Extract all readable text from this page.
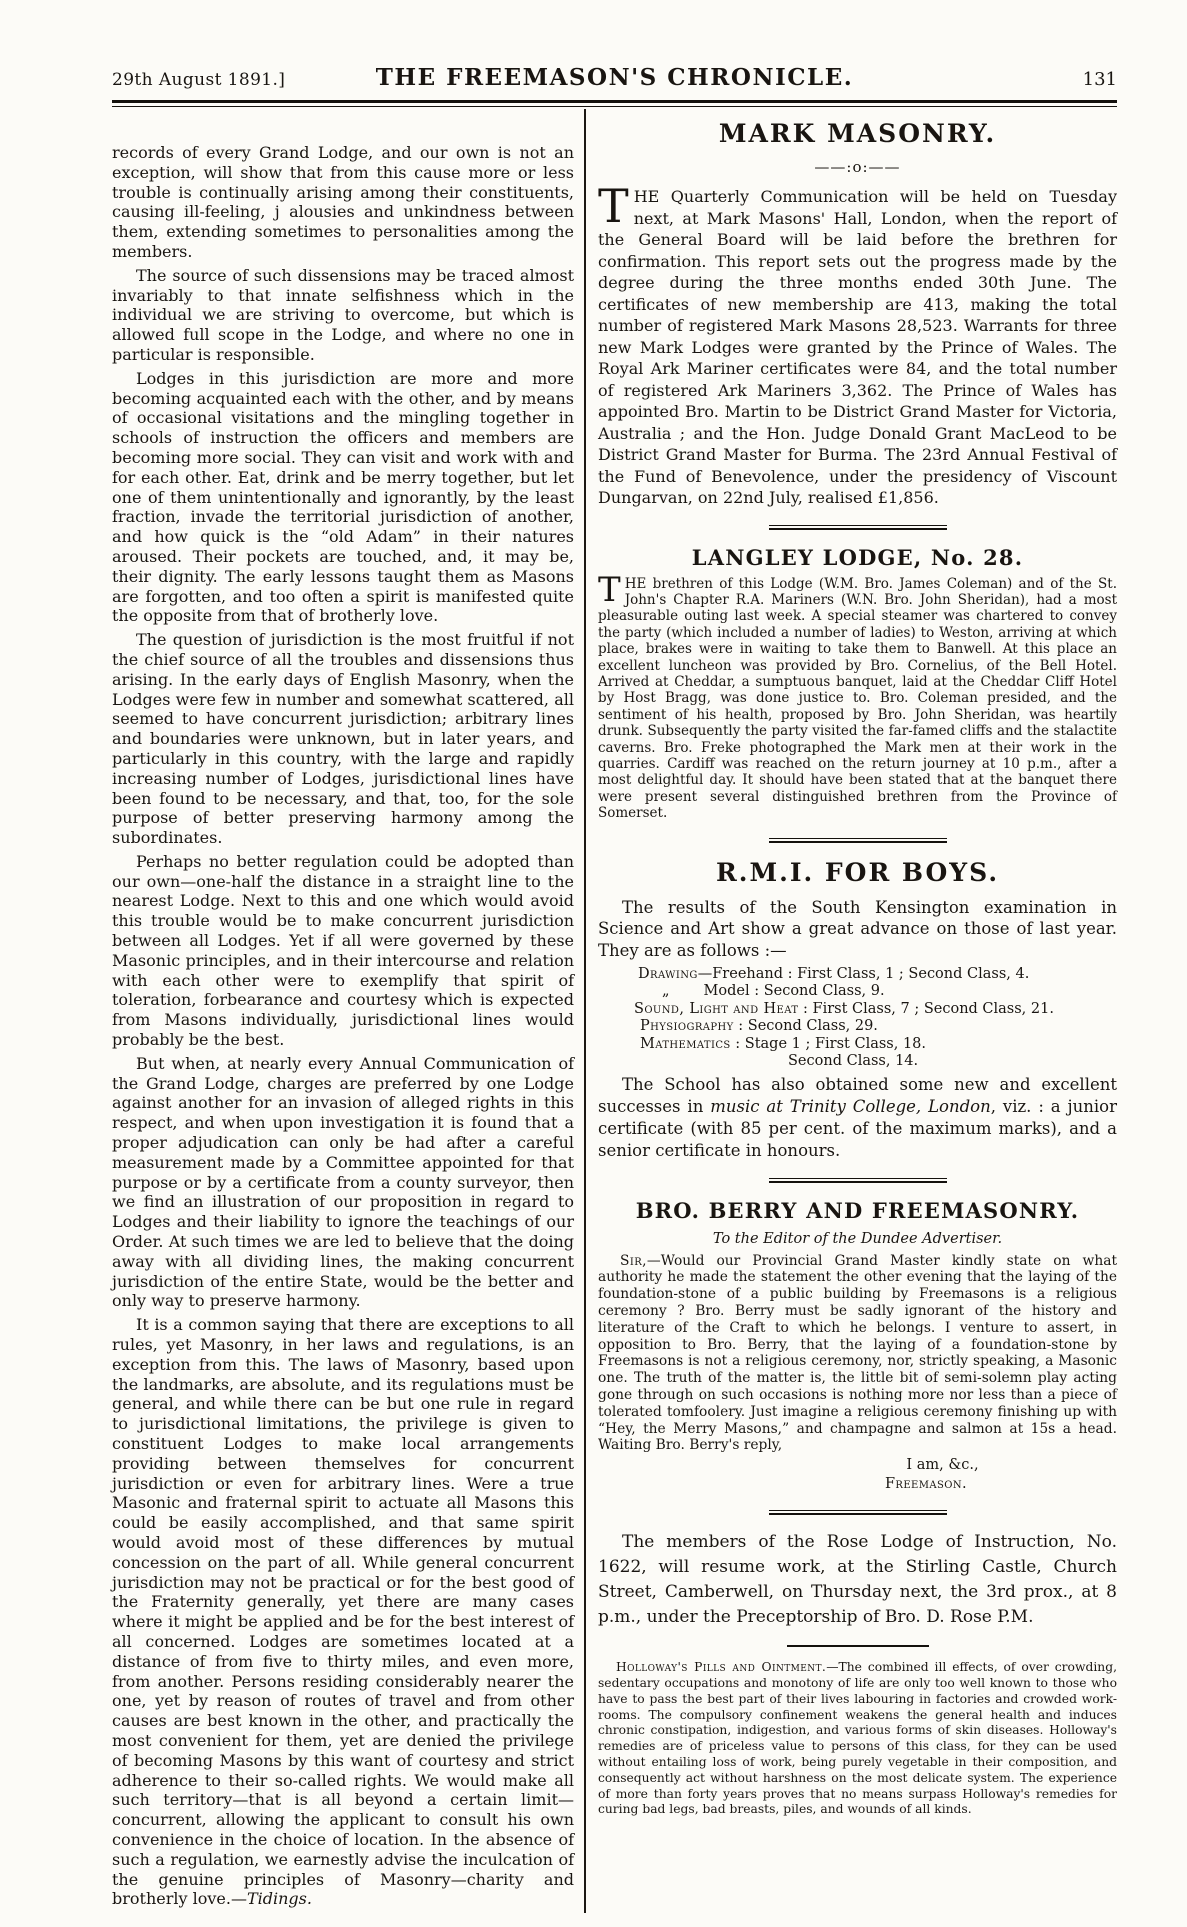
29th August 1891.]	THE FREEMASON'S CHRONICLE.	131

records of every Grand Lodge, and our own is not an exception, will show that from this cause more or less trouble is continually arising among their constituents, causing ill-feeling, j alousies and unkindness between them, extending sometimes to personalities among the members.

The source of such dissensions may be traced almost invariably to that innate selfishness which in the individual we are striving to overcome, but which is allowed full scope in the Lodge, and where no one in particular is responsible.

Lodges in this jurisdiction are more and more becoming acquainted each with the other, and by means of occasional visitations and the mingling together in schools of instruction the officers and members are becoming more social. They can visit and work with and for each other. Eat, drink and be merry together, but let one of them unintentionally and ignorantly, by the least fraction, invade the territorial jurisdiction of another, and how quick is the “old Adam” in their natures aroused. Their pockets are touched, and, it may be, their dignity. The early lessons taught them as Masons are forgotten, and too often a spirit is manifested quite the opposite from that of brotherly love.

The question of jurisdiction is the most fruitful if not the chief source of all the troubles and dissensions thus arising. In the early days of English Masonry, when the Lodges were few in number and somewhat scattered, all seemed to have concurrent jurisdiction; arbitrary lines and boundaries were unknown, but in later years, and particularly in this country, with the large and rapidly increasing number of Lodges, jurisdictional lines have been found to be necessary, and that, too, for the sole purpose of better preserving harmony among the subordinates.

Perhaps no better regulation could be adopted than our own—one-half the distance in a straight line to the nearest Lodge. Next to this and one which would avoid this trouble would be to make concurrent jurisdiction between all Lodges. Yet if all were governed by these Masonic principles, and in their intercourse and relation with each other were to exemplify that spirit of toleration, forbearance and courtesy which is expected from Masons individually, jurisdictional lines would probably be the best.

But when, at nearly every Annual Communication of the Grand Lodge, charges are preferred by one Lodge against another for an invasion of alleged rights in this respect, and when upon investigation it is found that a proper adjudication can only be had after a careful measurement made by a Committee appointed for that purpose or by a certificate from a county surveyor, then we find an illustration of our proposition in regard to Lodges and their liability to ignore the teachings of our Order. At such times we are led to believe that the doing away with all dividing lines, the making concurrent jurisdiction of the entire State, would be the better and only way to preserve harmony.

It is a common saying that there are exceptions to all rules, yet Masonry, in her laws and regulations, is an exception from this. The laws of Masonry, based upon the landmarks, are absolute, and its regulations must be general, and while there can be but one rule in regard to jurisdictional limitations, the privilege is given to constituent Lodges to make local arrangements providing between themselves for concurrent jurisdiction or even for arbitrary lines. Were a true Masonic and fraternal spirit to actuate all Masons this could be easily accomplished, and that same spirit would avoid most of these differences by mutual concession on the part of all. While general concurrent jurisdiction may not be practical or for the best good of the Fraternity generally, yet there are many cases where it might be applied and be for the best interest of all concerned. Lodges are sometimes located at a distance of from five to thirty miles, and even more, from another. Persons residing considerably nearer the one, yet by reason of routes of travel and from other causes are best known in the other, and practically the most convenient for them, yet are denied the privilege of becoming Masons by this want of courtesy and strict adherence to their so-called rights. We would make all such territory—that is all beyond a certain limit—concurrent, allowing the applicant to consult his own convenience in the choice of location. In the absence of such a regulation, we earnestly advise the inculcation of the genuine principles of Masonry—charity and brotherly love.—Tidings.

MARK MASONRY.
——:o:——

THE Quarterly Communication will be held on Tuesday next, at Mark Masons' Hall, London, when the report of the General Board will be laid before the brethren for confirmation. This report sets out the progress made by the degree during the three months ended 30th June. The certificates of new membership are 413, making the total number of registered Mark Masons 28,523. Warrants for three new Mark Lodges were granted by the Prince of Wales. The Royal Ark Mariner certificates were 84, and the total number of registered Ark Mariners 3,362. The Prince of Wales has appointed Bro. Martin to be District Grand Master for Victoria, Australia ; and the Hon. Judge Donald Grant MacLeod to be District Grand Master for Burma. The 23rd Annual Festival of the Fund of Benevolence, under the presidency of Viscount Dungarvan, on 22nd July, realised £1,856.

LANGLEY LODGE, No. 28.

THE brethren of this Lodge (W.M. Bro. James Coleman) and of the St. John's Chapter R.A. Mariners (W.N. Bro. John Sheridan), had a most pleasurable outing last week. A special steamer was chartered to convey the party (which included a number of ladies) to Weston, arriving at which place, brakes were in waiting to take them to Banwell. At this place an excellent luncheon was provided by Bro. Cornelius, of the Bell Hotel. Arrived at Cheddar, a sumptuous banquet, laid at the Cheddar Cliff Hotel by Host Bragg, was done justice to. Bro. Coleman presided, and the sentiment of his health, proposed by Bro. John Sheridan, was heartily drunk. Subsequently the party visited the far-famed cliffs and the stalactite caverns. Bro. Freke photographed the Mark men at their work in the quarries. Cardiff was reached on the return journey at 10 p.m., after a most delightful day. It should have been stated that at the banquet there were present several distinguished brethren from the Province of Somerset.

R.M.I. FOR BOYS.

The results of the South Kensington examination in Science and Art show a great advance on those of last year. They are as follows :—

Drawing—Freehand : First Class, 1 ; Second Class, 4.
„ Model : Second Class, 9.
Sound, Light and Heat : First Class, 7 ; Second Class, 21.
Physiography : Second Class, 29.
Mathematics : Stage 1 ; First Class, 18.
Second Class, 14.

The School has also obtained some new and excellent successes in music at Trinity College, London, viz. : a junior certificate (with 85 per cent. of the maximum marks), and a senior certificate in honours.

BRO. BERRY AND FREEMASONRY.

To the Editor of the Dundee Advertiser.

Sir,—Would our Provincial Grand Master kindly state on what authority he made the statement the other evening that the laying of the foundation-stone of a public building by Freemasons is a religious ceremony ? Bro. Berry must be sadly ignorant of the history and literature of the Craft to which he belongs. I venture to assert, in opposition to Bro. Berry, that the laying of a foundation-stone by Freemasons is not a religious ceremony, nor, strictly speaking, a Masonic one. The truth of the matter is, the little bit of semi-solemn play acting gone through on such occasions is nothing more nor less than a piece of tolerated tomfoolery. Just imagine a religious ceremony finishing up with “Hey, the Merry Masons,” and champagne and salmon at 15s a head. Waiting Bro. Berry's reply,

I am, &c.,
Freemason.

The members of the Rose Lodge of Instruction, No. 1622, will resume work, at the Stirling Castle, Church Street, Camberwell, on Thursday next, the 3rd prox., at 8 p.m., under the Preceptorship of Bro. D. Rose P.M.

Holloway's Pills and Ointment.—The combined ill effects, of over crowding, sedentary occupations and monotony of life are only too well known to those who have to pass the best part of their lives labouring in factories and crowded work-rooms. The compulsory confinement weakens the general health and induces chronic constipation, indigestion, and various forms of skin diseases. Holloway's remedies are of priceless value to persons of this class, for they can be used without entailing loss of work, being purely vegetable in their composition, and consequently act without harshness on the most delicate system. The experience of more than forty years proves that no means surpass Holloway's remedies for curing bad legs, bad breasts, piles, and wounds of all kinds.
